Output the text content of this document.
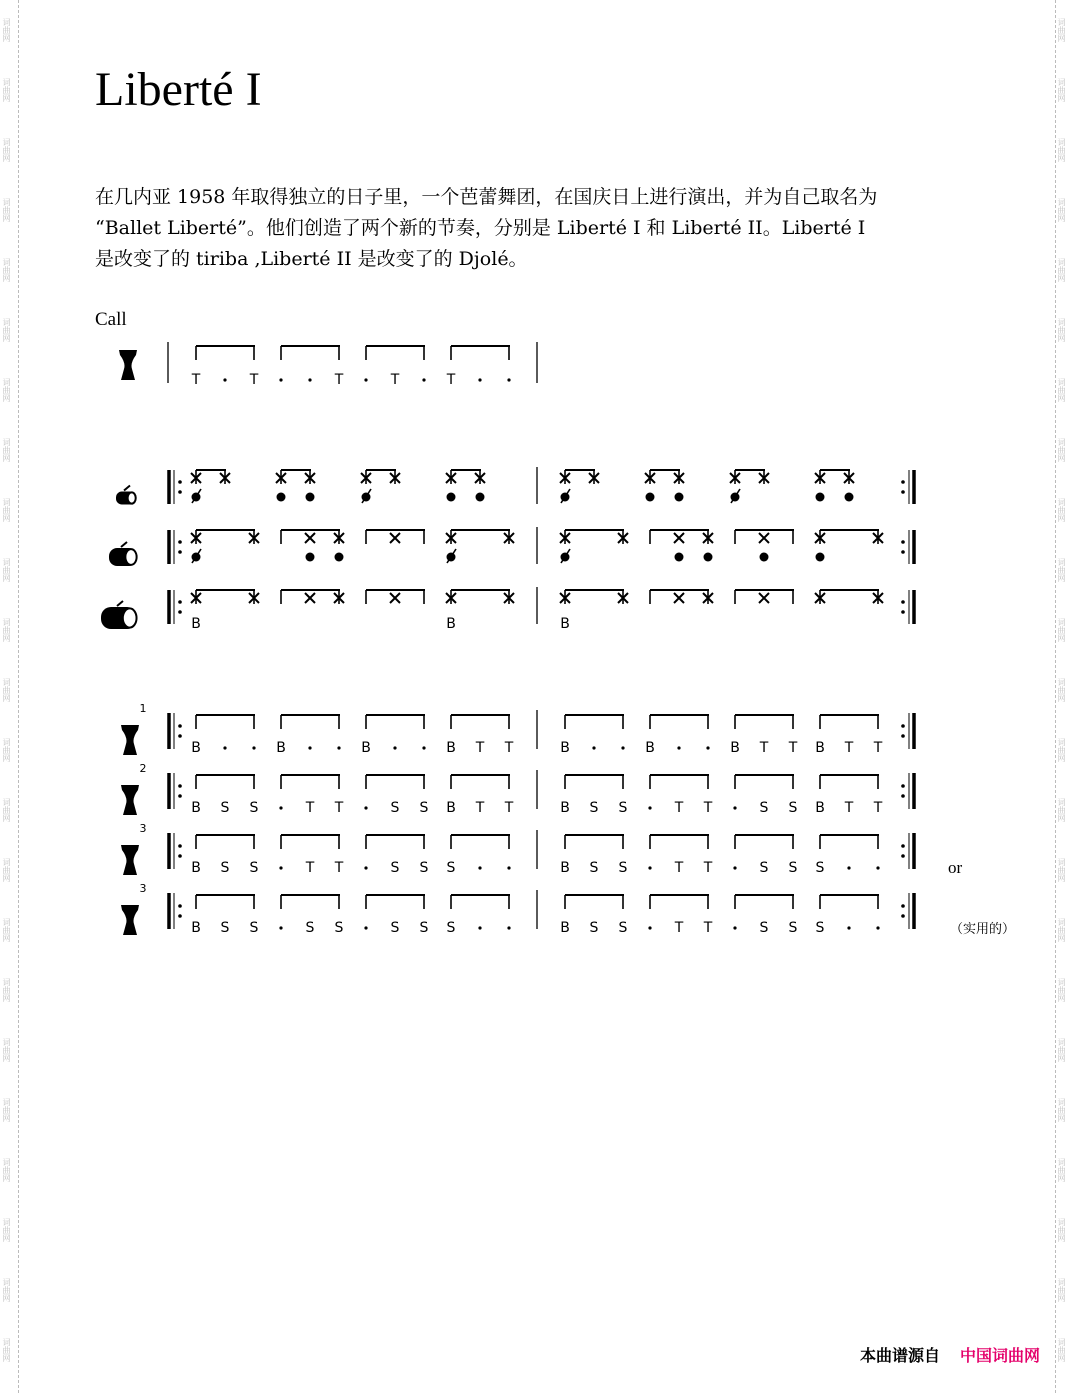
词曲网
词曲网
词曲网
词曲网
词曲网
词曲网
词曲网
词曲网
词曲网
词曲网
词曲网
词曲网
词曲网
词曲网
词曲网
词曲网
词曲网
词曲网
词曲网
词曲网
词曲网
词曲网
词曲网
词曲网
词曲网
词曲网
词曲网
词曲网
词曲网
词曲网
词曲网
词曲网
词曲网
词曲网
词曲网
词曲网
词曲网
词曲网
词曲网
词曲网
词曲网
词曲网
词曲网
词曲网
词曲网
词曲网
Liberté I

在几内亚 1958 年取得独立的日子里，一个芭蕾舞团，在国庆日上进行演出，并为自己取名为
“Ballet Liberté”。他们创造了两个新的节奏，分别是 Liberté I 和 Liberté II。Liberté I
是改变了的 tiriba ,Liberté II 是改变了的 Djolé。

Call
T	T	T	T	T
B	B	B
1
B	B	B	B T T	B	B	B T T B T T
2
B S S	T T	S S B T T	B S S	T T	S S B T T
3
B S S	T T	S S S	B S S	T T	S S S	or
3
B S S	S S	S S S	B S S	T T	S S S	（实用的）
本曲谱源自 中国词曲网
